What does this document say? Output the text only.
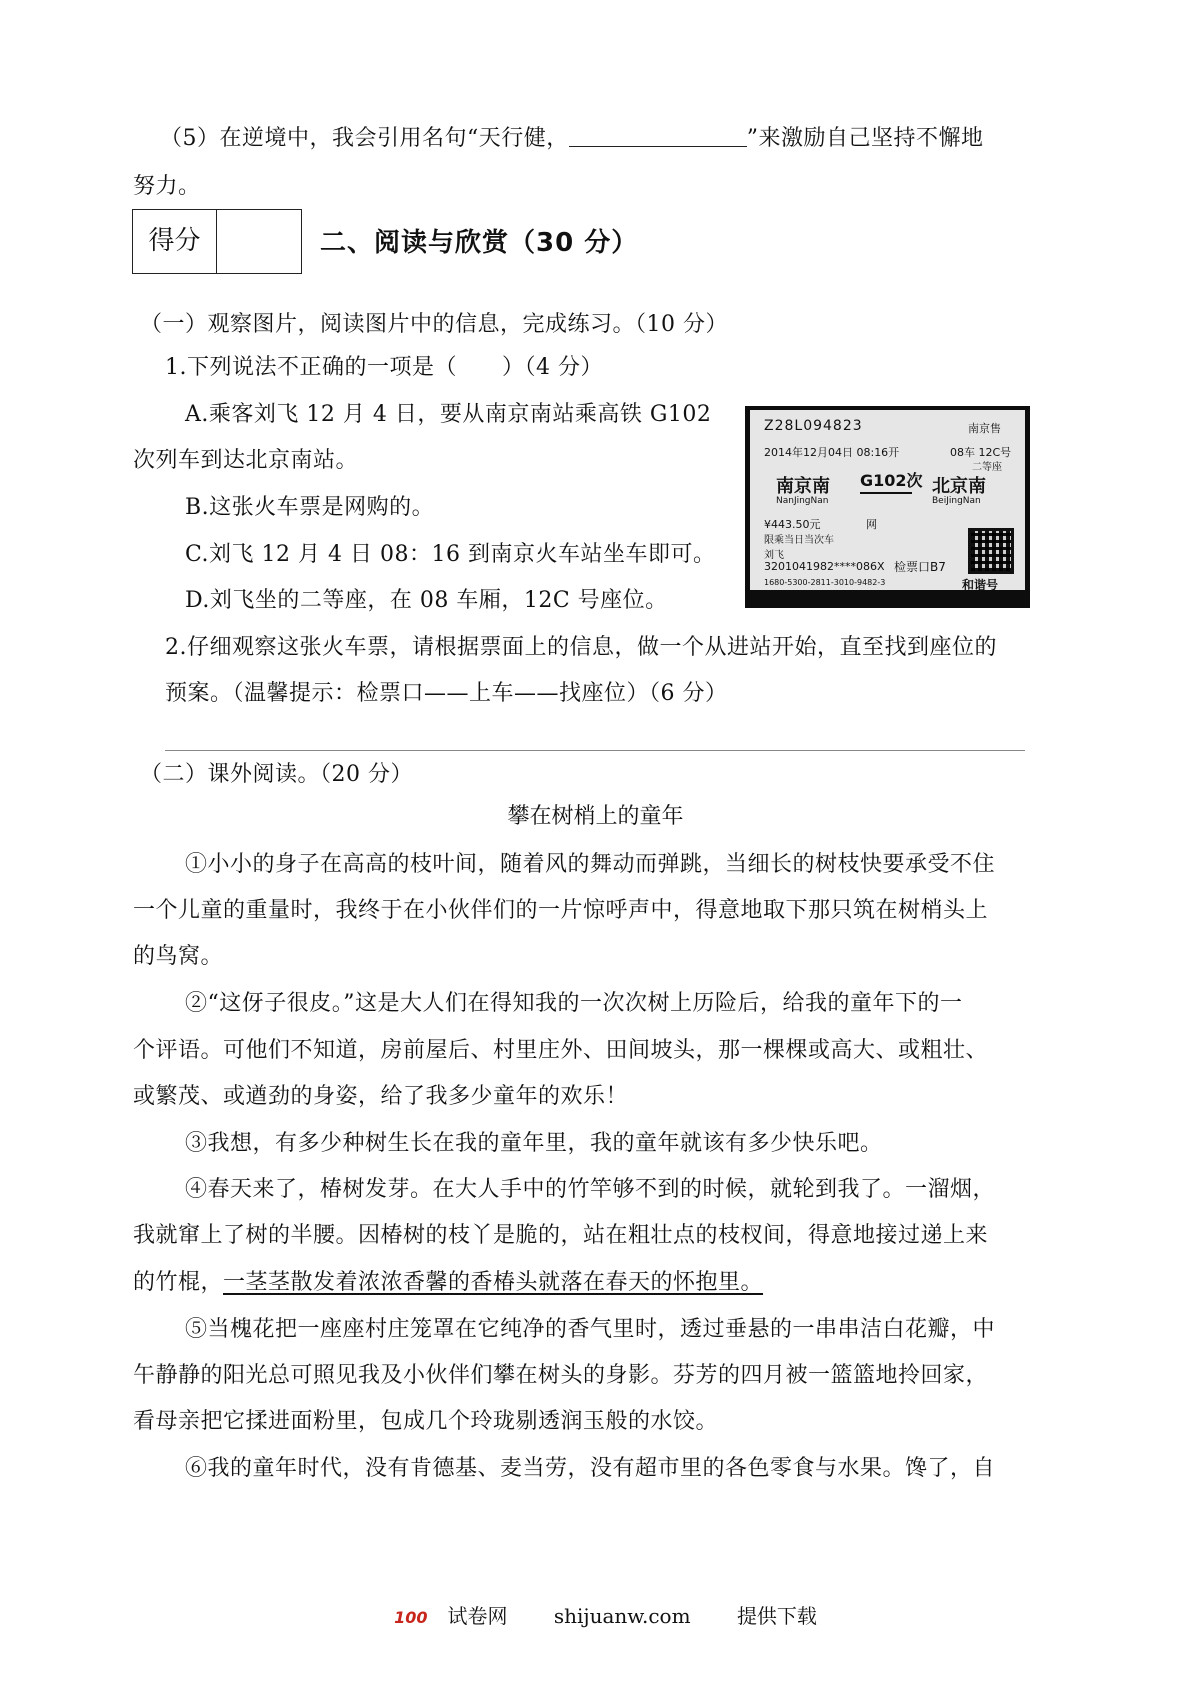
（5）在逆境中，我会引用名句“天行健，	”来激励自己坚持不懈地
努力。
得分	二、阅读与欣赏（30 分）
（一）观察图片，阅读图片中的信息，完成练习。（10 分）
1.下列说法不正确的一项是（　　）（4 分）
A.乘客刘飞 12 月 4 日，要从南京南站乘高铁 G102
次列车到达北京南站。
B.这张火车票是网购的。
C.刘飞 12 月 4 日 08：16 到南京火车站坐车即可。
D.刘飞坐的二等座，在 08 车厢，12C 号座位。
Z28L094823	南京售
2014年12月04日 08:16开	08车 12C号
二等座
南京南
NanJingNan
G102次 北京南
BeiJingNan
¥443.50元	网
限乘当日当次车
刘飞
3201041982****086X 检票口B7
1680-5300-2811-3010-9482-3	和谐号
2.仔细观察这张火车票，请根据票面上的信息，做一个从进站开始，直至找到座位的
预案。（温馨提示：检票口——上车——找座位）（6 分）
（二）课外阅读。（20 分）
攀在树梢上的童年
①小小的身子在高高的枝叶间，随着风的舞动而弹跳，当细长的树枝快要承受不住
一个儿童的重量时，我终于在小伙伴们的一片惊呼声中，得意地取下那只筑在树梢头上
的鸟窝。
②“这伢子很皮。”这是大人们在得知我的一次次树上历险后，给我的童年下的一
个评语。可他们不知道，房前屋后、村里庄外、田间坡头，那一棵棵或高大、或粗壮、
或繁茂、或遒劲的身姿，给了我多少童年的欢乐！
③我想，有多少种树生长在我的童年里，我的童年就该有多少快乐吧。
④春天来了，椿树发芽。在大人手中的竹竿够不到的时候，就轮到我了。一溜烟，
我就窜上了树的半腰。因椿树的枝丫是脆的，站在粗壮点的枝杈间，得意地接过递上来
的竹棍，一茎茎散发着浓浓香馨的香椿头就落在春天的怀抱里。
⑤当槐花把一座座村庄笼罩在它纯净的香气里时，透过垂悬的一串串洁白花瓣，中
午静静的阳光总可照见我及小伙伴们攀在树头的身影。芬芳的四月被一篮篮地拎回家，
看母亲把它揉进面粉里，包成几个玲珑剔透润玉般的水饺。
⑥我的童年时代，没有肯德基、麦当劳，没有超市里的各色零食与水果。馋了，自
100 试卷网 shijuanw.com 提供下载
